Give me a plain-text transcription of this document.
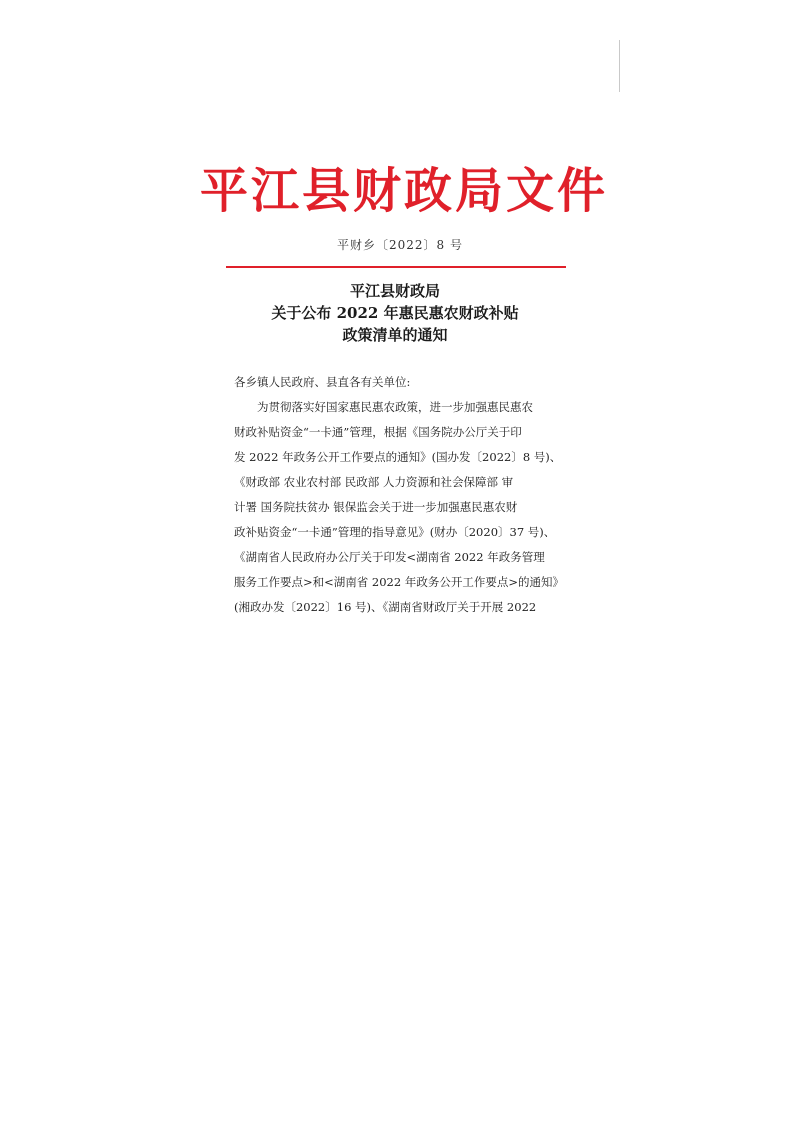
平江县财政局文件
平财乡〔2022〕8 号
平江县财政局
关于公布 2022 年惠民惠农财政补贴
政策清单的通知
各乡镇人民政府、县直各有关单位:
为贯彻落实好国家惠民惠农政策，进一步加强惠民惠农
财政补贴资金“一卡通”管理，根据《国务院办公厅关于印
发 2022 年政务公开工作要点的通知》(国办发〔2022〕8 号)、
《财政部 农业农村部 民政部 人力资源和社会保障部 审
计署 国务院扶贫办 银保监会关于进一步加强惠民惠农财
政补贴资金“一卡通”管理的指导意见》(财办〔2020〕37 号)、
《湖南省人民政府办公厅关于印发<湖南省 2022 年政务管理
服务工作要点>和<湖南省 2022 年政务公开工作要点>的通知》
(湘政办发〔2022〕16 号)、《湖南省财政厅关于开展 2022
